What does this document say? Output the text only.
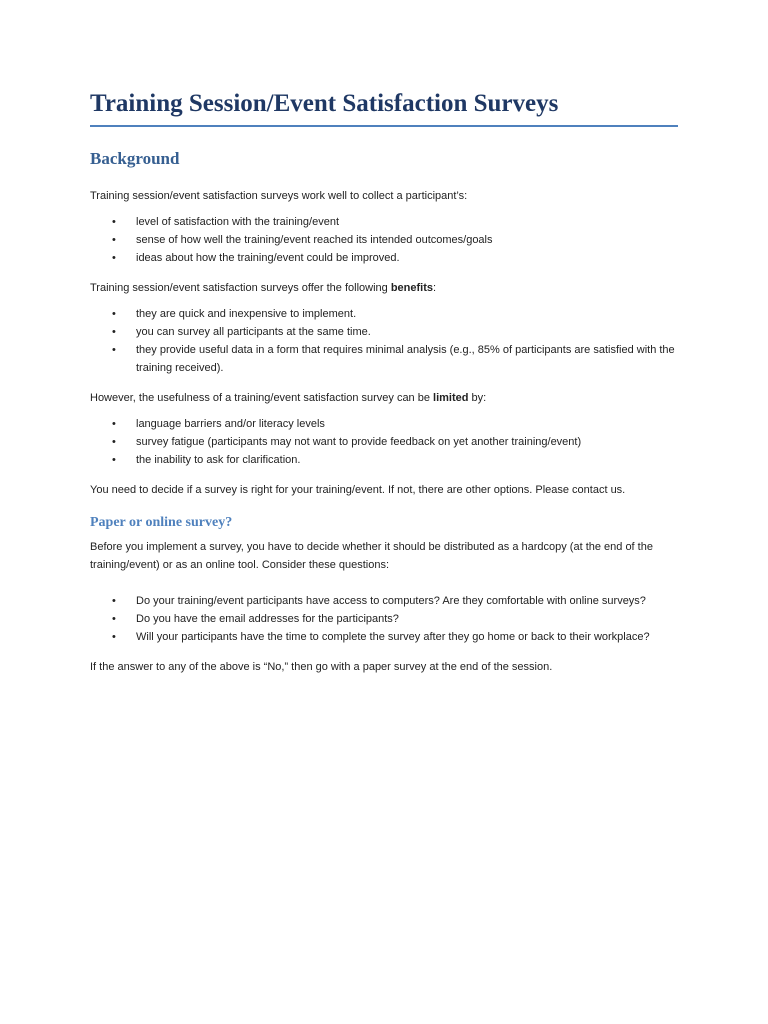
Training Session/Event Satisfaction Surveys
Background

Training session/event satisfaction surveys work well to collect a participant’s:

• level of satisfaction with the training/event
• sense of how well the training/event reached its intended outcomes/goals
• ideas about how the training/event could be improved.

Training session/event satisfaction surveys offer the following benefits:

• they are quick and inexpensive to implement.
• you can survey all participants at the same time.
• they provide useful data in a form that requires minimal analysis (e.g., 85% of participants are satisfied with the training received).

However, the usefulness of a training/event satisfaction survey can be limited by:

• language barriers and/or literacy levels
• survey fatigue (participants may not want to provide feedback on yet another training/event)
• the inability to ask for clarification.

You need to decide if a survey is right for your training/event. If not, there are other options. Please contact us.

Paper or online survey?

Before you implement a survey, you have to decide whether it should be distributed as a hardcopy (at the end of the training/event) or as an online tool. Consider these questions:

• Do your training/event participants have access to computers? Are they comfortable with online surveys?
• Do you have the email addresses for the participants?
• Will your participants have the time to complete the survey after they go home or back to their workplace?

If the answer to any of the above is “No,” then go with a paper survey at the end of the session.
